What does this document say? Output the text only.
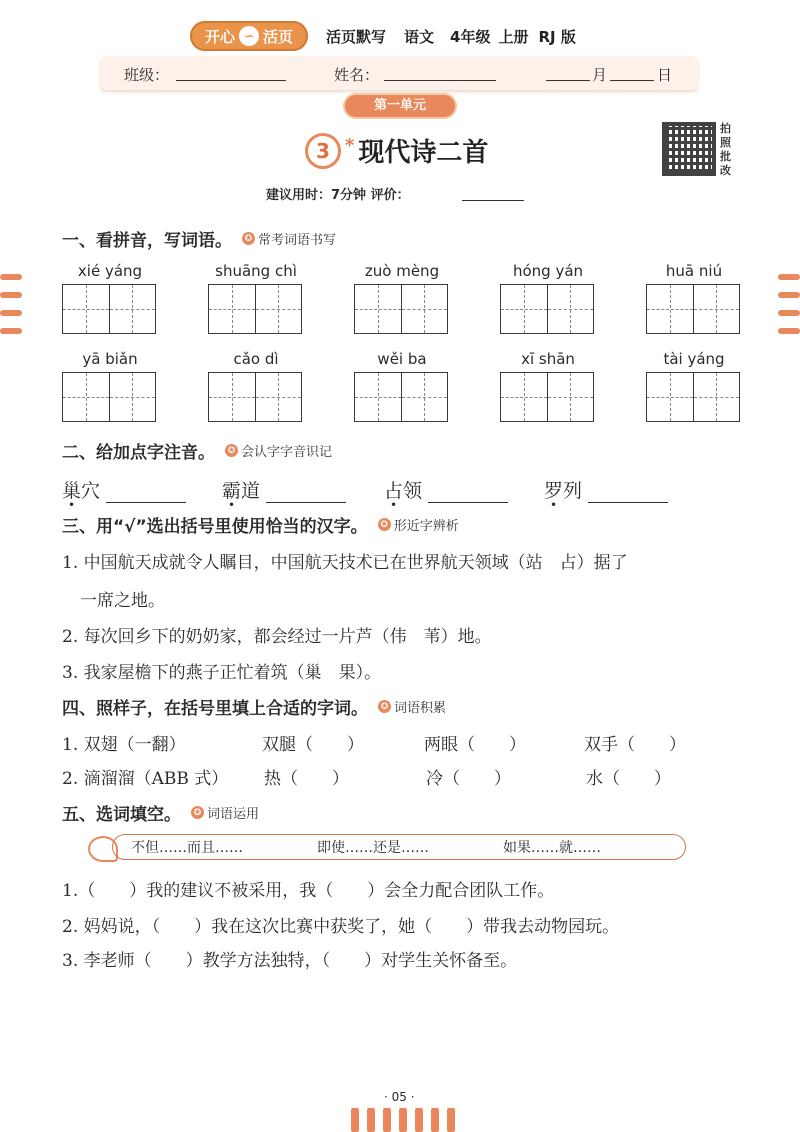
开心 ∽ 活页 活页默写 语文 4年级 上册 RJ 版
班级：	姓名：	月	日
第一单元
3 * 现代诗二首
拍照批改
建议用时：7分钟 评价：
一、看拼音，写词语。	✪ 常考词语书写
xié yáng	shuāng chì	zuò mèng	hóng yán	huā niú
yā biǎn	cǎo dì	wěi ba	xī shān	tài yáng
二、给加点字注音。	✪ 会认字字音识记
巢穴	霸道	占领	罗列
三、用“√”选出括号里使用恰当的汉字。	✪ 形近字辨析
1. 中国航天成就令人瞩目，中国航天技术已在世界航天领域（站　占）据了
一席之地。
2. 每次回乡下的奶奶家，都会经过一片芦（伟　苇）地。
3. 我家屋檐下的燕子正忙着筑（巢　果）。
四、照样子，在括号里填上合适的字词。	✪ 词语积累
1. 双翅（一翻）	双腿（　　）	两眼（　　）	双手（　　）
2. 滴溜溜（ABB 式） 热（　　）	冷（　　）	水（　　）
五、选词填空。	✪ 词语运用
不但……而且……	即使……还是……	如果……就……
1.（　　）我的建议不被采用，我（　　）会全力配合团队工作。
2. 妈妈说，（　　）我在这次比赛中获奖了，她（　　）带我去动物园玩。
3. 李老师（　　）教学方法独特，（　　）对学生关怀备至。
· 05 ·
